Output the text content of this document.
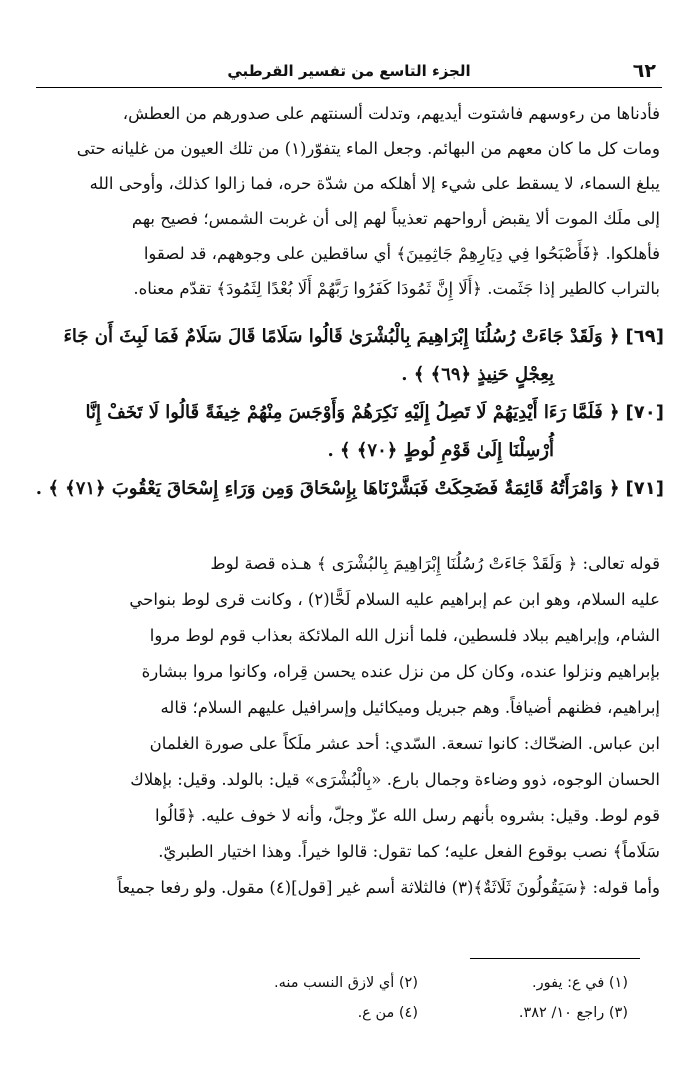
٦٢
الجزء التاسع من تفسير القرطبي
فأدناها من رءوسهم فاشتوت أيديهم، وتدلت ألسنتهم على صدورهم من العطش،
ومات كل ما كان معهم من البهائم. وجعل الماء يتفوّر(١) من تلك العيون من غليانه حتى
يبلغ السماء، لا يسقط على شيء إلا أهلكه من شدّة حره، فما زالوا كذلك، وأوحى الله
إلى ملَك الموت ألا يقبض أرواحهم تعذيباً لهم إلى أن غربت الشمس؛ فصيح بهم
فأهلكوا. ﴿فَأَصْبَحُوا فِي دِيَارِهِمْ جَاثِمِينَ﴾ أي ساقطين على وجوههم، قد لصقوا
بالتراب كالطير إذا جَثَمت. ﴿أَلَا إِنَّ ثَمُودَا كَفَرُوا رَبَّهُمْ أَلَا بُعْدًا لِثَمُودَ﴾ تقدّم معناه.
[٦٩]﴿ وَلَقَدْ جَاءَتْ رُسُلُنَا إِبْرَاهِيمَ بِالْبُشْرَىٰ قَالُوا سَلَامًا قَالَ سَلَامٌ فَمَا لَبِثَ أَن جَاءَ
بِعِجْلٍ حَنِيذٍ ﴿٦٩﴾ ﴾ .
[٧٠]﴿ فَلَمَّا رَءَا أَيْدِيَهُمْ لَا تَصِلُ إِلَيْهِ نَكِرَهُمْ وَأَوْجَسَ مِنْهُمْ خِيفَةً قَالُوا لَا تَخَفْ إِنَّا
أُرْسِلْنَا إِلَىٰ قَوْمِ لُوطٍ ﴿٧٠﴾ ﴾ .
[٧١]﴿ وَامْرَأَتُهُ قَائِمَةٌ فَضَحِكَتْ فَبَشَّرْنَاهَا بِإِسْحَاقَ وَمِن وَرَاءِ إِسْحَاقَ يَعْقُوبَ ﴿٧١﴾ ﴾ .
قوله تعالى: ﴿ وَلَقَدْ جَاءَتْ رُسُلُنَا إِبْرَاهِيمَ بِالبُشْرَى ﴾ هـذه قصة لوط
عليه السلام، وهو ابن عم إبراهيم عليه السلام لَحًّا(٢) ، وكانت قرى لوط بنواحي
الشام، وإبراهيم ببلاد فلسطين، فلما أنزل الله الملائكة بعذاب قوم لوط مروا
بإبراهيم ونزلوا عنده، وكان كل من نزل عنده يحسن قِراه، وكانوا مروا ببشارة
إبراهيم، فظنهم أضيافاً. وهم جبريل وميكائيل وإسرافيل عليهم السلام؛ قاله
ابن عباس. الضحّاك: كانوا تسعة. السّدي: أحد عشر ملَكاً على صورة الغلمان
الحسان الوجوه، ذوو وضاءة وجمال بارع. «بِالْبُشْرَى» قيل: بالولد. وقيل: بإهلاك
قوم لوط. وقيل: بشروه بأنهم رسل الله عزّ وجلّ، وأنه لا خوف عليه. ﴿قَالُوا
سَلَاماً﴾ نصب بوقوع الفعل عليه؛ كما تقول: قالوا خيراً. وهذا اختيار الطبريّ.
وأما قوله: ﴿سَيَقُولُونَ ثَلَاثَةٌ﴾(٣) فالثلاثة أسم غير [قول](٤) مقول. ولو رفعا جميعاً
(١) في ع: يفور.
(٢) أي لازق النسب منه.
(٣) راجع ١٠/ ٣٨٢.
(٤) من ع.
